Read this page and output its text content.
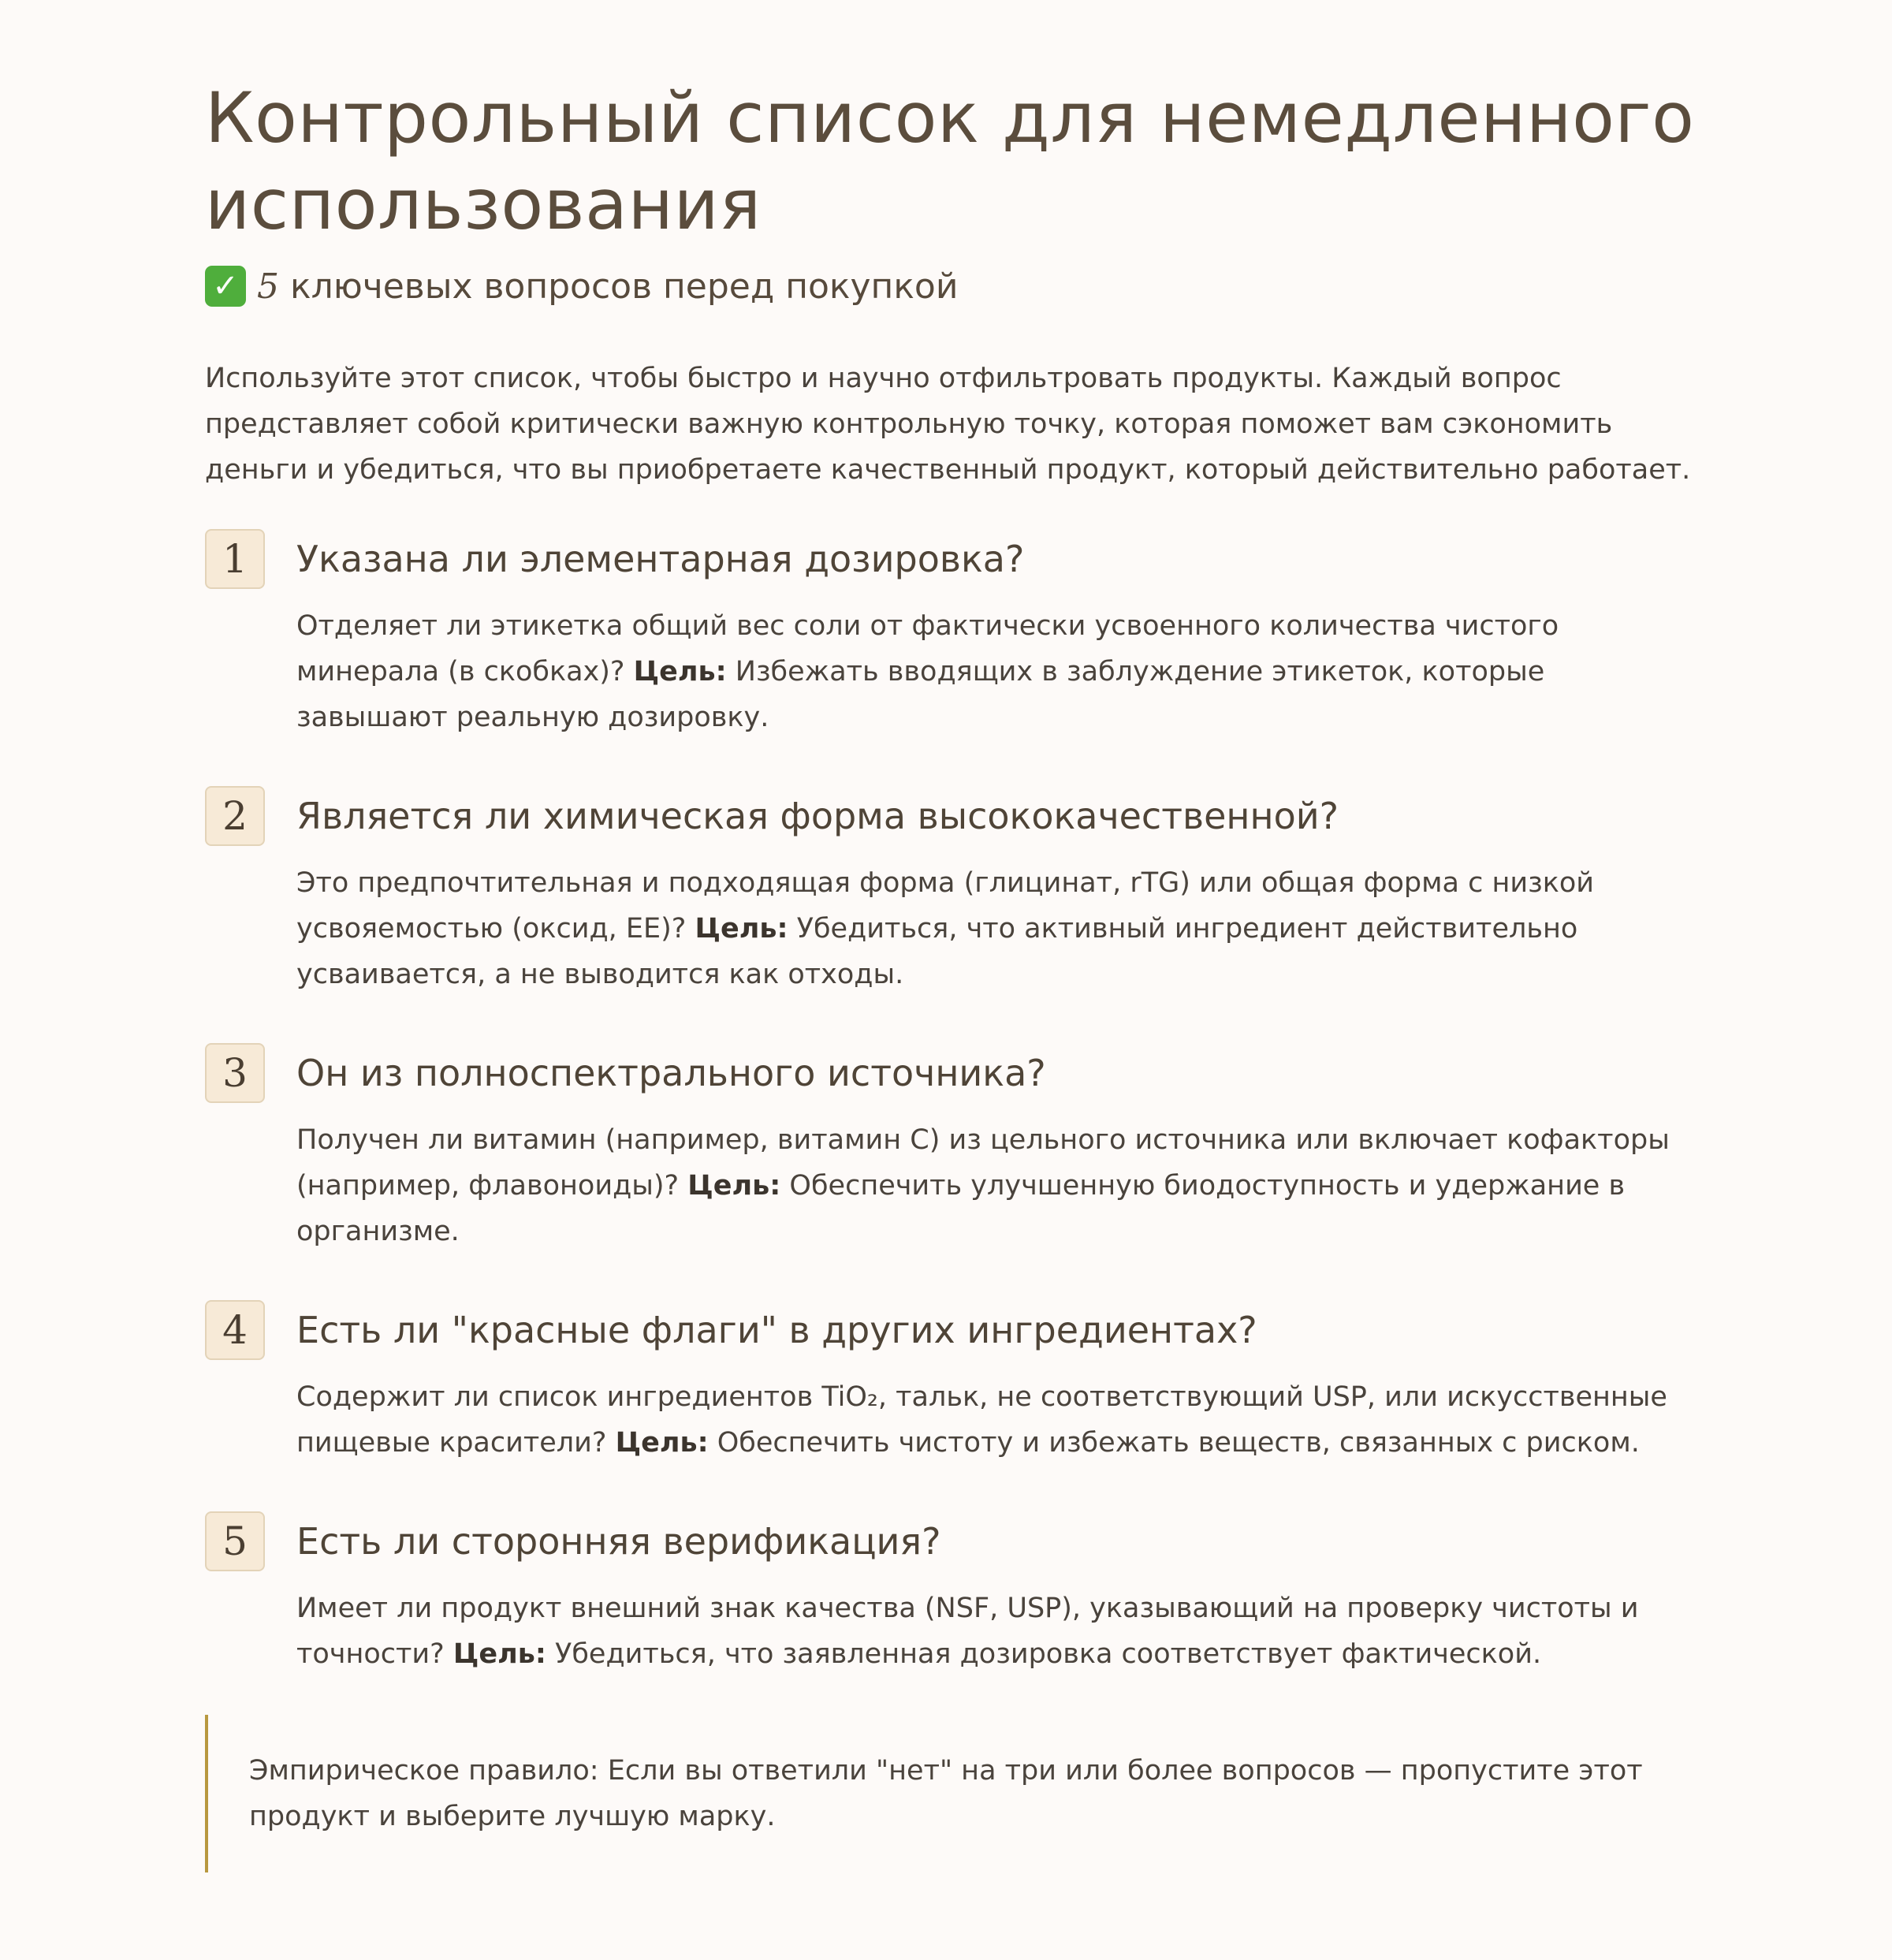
Контрольный список для немедленного использования
✓ 5 ключевых вопросов перед покупкой

Используйте этот список, чтобы быстро и научно отфильтровать продукты. Каждый вопрос представляет собой критически важную контрольную точку, которая поможет вам сэкономить деньги и убедиться, что вы приобретаете качественный продукт, который действительно работает.

1	Указана ли элементарная дозировка?

Отделяет ли этикетка общий вес соли от фактически усвоенного количества чистого минерала (в скобках)? Цель: Избежать вводящих в заблуждение этикеток, которые завышают реальную дозировку.

2	Является ли химическая форма высококачественной?

Это предпочтительная и подходящая форма (глицинат, rTG) или общая форма с низкой усвояемостью (оксид, EE)? Цель: Убедиться, что активный ингредиент действительно усваивается, а не выводится как отходы.

3	Он из полноспектрального источника?

Получен ли витамин (например, витамин C) из цельного источника или включает кофакторы (например, флавоноиды)? Цель: Обеспечить улучшенную биодоступность и удержание в организме.

4	Есть ли "красные флаги" в других ингредиентах?

Содержит ли список ингредиентов TiO₂, тальк, не соответствующий USP, или искусственные пищевые красители? Цель: Обеспечить чистоту и избежать веществ, связанных с риском.

5	Есть ли сторонняя верификация?

Имеет ли продукт внешний знак качества (NSF, USP), указывающий на проверку чистоты и точности? Цель: Убедиться, что заявленная дозировка соответствует фактической.

Эмпирическое правило: Если вы ответили "нет" на три или более вопросов — пропустите этот продукт и выберите лучшую марку.
